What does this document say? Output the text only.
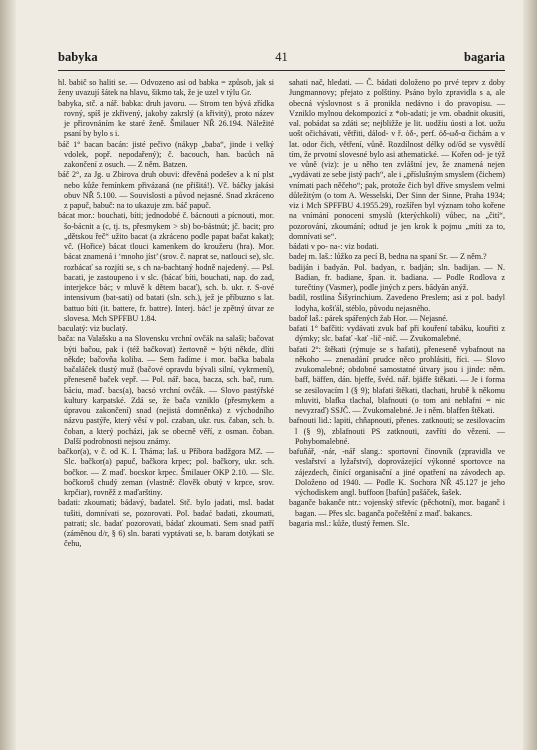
babyka	41	bagaria

hl. babič so haliti se. — Odvozeno asi od babka = způsob, jak si ženy uvazují šátek na hlavu, šikmo tak, že je uzel v týlu Gr.

babyka, stč. a nář. babka: druh javoru. — Strom ten bývá zřídka rovný, spíš je zkřivený, jakoby zakrslý (a křivitý), proto název je přirovnáním ke staré ženě. Šmilauer NŘ 26.194. Náležité psaní by bylo s i.

báč 1° bacan bacán: jisté pečivo (nákyp „baba“, jinde i velký vdolek, popř. nepodařený); č. bacouch, han. bacůch nā zakončení z osuch. — Z něm. Batzen.

báč 2°, za Jg. u Zbirova druh obuvi: dřevěná podešev a k ní plst nebo kůže řemínkem přivázaná (ne přišitá!). Vč. báčky jakási obuv NŘ 5.100. — Souvislosti a původ nejasné. Snad zkráceno z papuč, babuč: na to ukazuje zm. báč papuč.

bácat mor.: bouchati, bíti; jednodobé č. bácnouti a pícnouti, mor. šo-bácnit a (c, tj. ts, přesmykem > sb) bo-bástnút; jč. bacit; pro „dětskou řeč“ užito bacat (a zkráceno podle papat bačat kakat); vč. (Hořice) bácat tlouci kamenkem do kroužeru (hra). Mor. bácat znamená i ‘mnoho jíst’ (srov. č. naprat se, natlouci se), slc. rozbácať sa rozjíti se, s ch na-bachtaný hodně najedený. — Psl. bacati, je zastoupeno i v slc. (bácať bíti, bouchati, nap. do zad, interjekce bác; v mluvě k dětem bacať), sch. b. ukr. r. S-ové intensivum (bat-sati) od batati (sln. sch.), jež je příbuzno s lat. battuo bíti (it. battere, fr. battre). Interj. bác! je zpětný útvar ze slovesa. Mch SPFFBU 1.84.

baculatý: viz buclatý.

bača: na Valašsku a na Slovensku vrchní ovčák na salaši; bačovat býti bačou, pak i (též bačkovat) žertovně = býti někde, dlíti někde; bačovňa koliba. — Sem řadíme i mor. bačka babala bačaláček tlustý muž (bačové opravdu bývali silní, vykrmení), přeneseně baček vepř. — Pol. nář. baca, bacza, sch. bač, rum. băciu, maď. bacs(a), bacsó vrchní ovčák. — Slovo pastýřské kultury karpatské. Zdá se, že bača vzniklo (přesmykem a úpravou zakončení) snad (nejistá domněnka) z východního názvu pastýře, který věsí v pol. czaban, ukr. rus. čaban, sch. b. čoban, a který pocházi, jak se obecně věří, z osman. čoban. Další podrobnosti nejsou známy.

bačkor(a), v č. od K. I. Tháma; laš. u Příbora badžgora MZ. — Slc. bačkor(a) papuč, bačkora krpec; pol. bačkory, ukr. sch. bočkor. — Z maď. bocskor krpec. Šmilauer OKP 2.10. — Slc. bočkoroš chudý zeman (vlastně: člověk obutý v krpce, srov. krpčiar), rovněž z maďarštiny.

badati: zkoumati; bádavý, badatel. Stč. bylo jadati, msl. badat tušiti, domnívati se, pozorovati. Pol. badać badati, zkoumati, patrati; slc. badať pozorovati, bádať zkoumati. Sem snad patří (záměnou d/r, § 6) sln. barati vyptávati se, b. baram dotýkati se čehu,

sahati nač, hledati. — Č. bádati doloženo po prvé teprv z doby Jungmannovy; přejato z polštiny. Psáno bylo zpravidla s a, ale obecná výslovnost s ā pronikla nedávno i do pravopisu. — Vzniklo mylnou dekompozicí z *ob-adati; je vm. obadnit okusiti, val. pobádat sa zdáti se; nejbližže je lit. uodžiu úosti a lot. uožu uošt očichávati, větřiti, dálod- v ř. ὀδ-, perf. ὀδ-ωδ-α čichám a v lat. odor čich, větření, vůně. Rozdílnost délky od/ōd se vysvětlí tím, že prvotní slovesné bylo asi athematické. — Kořen od- je týž ve vůně (viz): je u něho ten zvláštní jev, že znamená nejen „vydávati ze sebe jistý pach“, ale i „příslušným smyslem (čichem) vnímati pach něčeho“; pak, protože čich byl dříve smyslem velmi důležitým (o tom A. Wesselski, Der Sinn der Sinne, Praha 1934; viz i Mch SPFFBU 4.1955.29), rozšířen byl význam toho kořene na vnímání ponoceni smyslů (kterýchkoli) vůbec, na „čití“, pozorování, zkoumání; odtud je jen krok k pojmu „míti za to, domnívati se“.

bádati v po- na-: viz bodati.

badej m. laš.: lůžko za pecí B, bedna na spaní Sr. — Z něm.?

badiján i badyán. Pol. badyan, r. badján; sln. badijan. — N. Badian, fr. badiane, špan. it. badiana. — Podle Rodlova z turečtiny (Vasmer), podle jiných z pers. bādyān anýž.

badil, rostlina Šišyrinchium. Zavedeno Preslem; asi z pol. badyl lodyha, košťál, stéblo, původu nejasného.

badoř laš.: párek spářených žab Hor. — Nejasné.

bafati 1° bafčiti: vydávati zvuk baf při kouření tabáku, kouřiti z dýmky; slc. bafať -kať -lič -nič. — Zvukomalebné.

bafati 2°: štěkati (rýmuje se s hafati), přeneseně vybafnout na někoho — znenadání prudce něco prohlásiti, říci. — Slovo zvukomalebné; obdobné samostatné útvary jsou i jinde: něm. baff, bäffen, dán. bjeffe, švéd. nář. bjäffe štěkati. — Je i forma se zesilovacím l (§ 9); blafati štěkati, tlachati, hrubě k někomu mluviti, blafka tlachal, blafnouti (o tom ani neblafni = nic nevyzraď) SSJČ. — Zvukomalebné. Je i něm. blaffen štěkati.

bafnouti lid.: lapiti, chňapnouti, přenes. zatknouti; se zesilovacím l (§ 9), zblafnouti PS zatknouti, zavříti do vězení. — Pohybomalebné.

bafuňář, -nár, -nář slang.: sportovní činovník (zpravidla ve veslařství a lyžařství), doprovázející výkonné sportovce na zájezdech, činící organisační a jiné opatření na závodech ap. Doloženo od 1940. — Podle K. Sochora NŘ 45.127 je jeho východiskem angl. buffoon [bafún] pašáček, šašek.

baganče bakanče ntr.: vojenský střevíc (pěchotní), mor. baganč i bagan. — Přes slc. baganča počeštění z maď. bakancs.

bagaria msl.: kůže, tlustý řemen. Slc.
